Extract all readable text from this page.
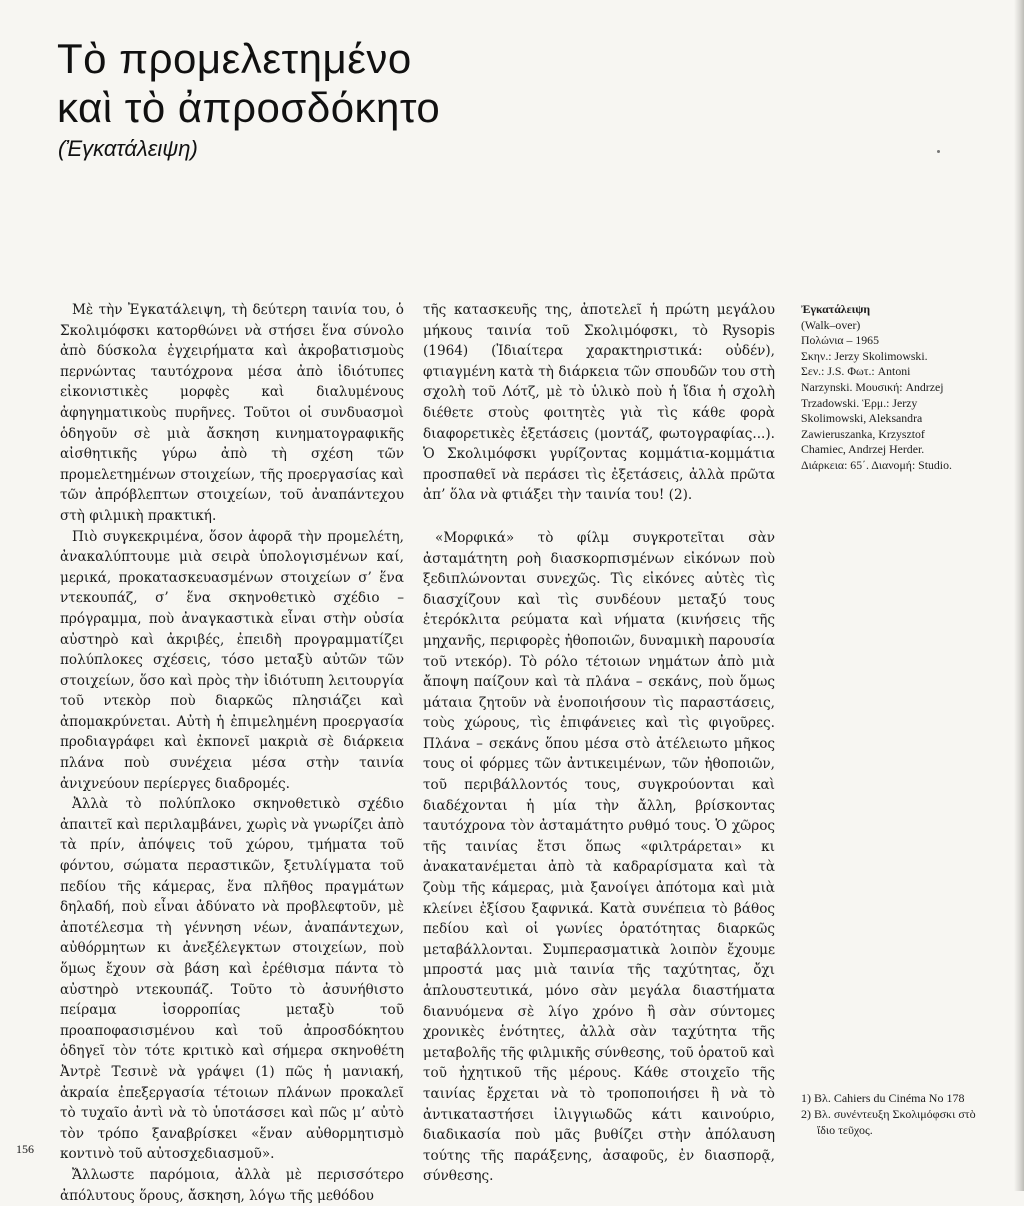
Τὸ προμελετημένο
καὶ τὸ ἀπροσδόκητο
(Ἐγκατάλειψη)

Μὲ τὴν Ἐγκατάλειψη, τὴ δεύτερη ταινία του, ὁ Σκολιμόφσκι κατορθώνει νὰ στήσει ἕνα σύνολο ἀπὸ δύσκολα ἐγχειρήματα καὶ ἀκροβατισμοὺς περνώντας ταυτόχρονα μέσα ἀπὸ ἰδιότυπες εἰκονιστικὲς μορφὲς καὶ διαλυμένους ἀφηγηματικοὺς πυρῆνες. Τοῦτοι οἱ συνδυασμοὶ ὁδηγοῦν σὲ μιὰ ἄσκηση κινηματογραφικῆς αἰσθητικῆς γύρω ἀπὸ τὴ σχέση τῶν προμελετημένων στοιχείων, τῆς προεργασίας καὶ τῶν ἀπρόβλεπτων στοιχείων, τοῦ ἀναπάντεχου στὴ φιλμικὴ πρακτική.

Πιὸ συγκεκριμένα, ὅσον ἀφορᾶ τὴν προμελέτη, ἀνακαλύπτουμε μιὰ σειρὰ ὑπολογισμένων καί, μερικά, προκατασκευασμένων στοιχείων σ’ ἕνα ντεκουπάζ, σ’ ἕνα σκηνοθετικὸ σχέδιο – πρόγραμμα, ποὺ ἀναγκαστικὰ εἶναι στὴν οὐσία αὐστηρὸ καὶ ἀκριβές, ἐπειδὴ προγραμματίζει πολύπλοκες σχέσεις, τόσο μεταξὺ αὐτῶν τῶν στοιχείων, ὅσο καὶ πρὸς τὴν ἰδιότυπη λειτουργία τοῦ ντεκὸρ ποὺ διαρκῶς πλησιάζει καὶ ἀπομακρύνεται. Αὐτὴ ἡ ἐπιμελημένη προεργασία προδιαγράφει καὶ ἐκπονεῖ μακριὰ σὲ διάρκεια πλάνα ποὺ συνέχεια μέσα στὴν ταινία ἀνιχνεύουν περίεργες διαδρομές.

Ἀλλὰ τὸ πολύπλοκο σκηνοθετικὸ σχέδιο ἀπαιτεῖ καὶ περιλαμβάνει, χωρὶς νὰ γνωρίζει ἀπὸ τὰ πρίν, ἀπόψεις τοῦ χώρου, τμήματα τοῦ φόντου, σώματα περαστικῶν, ξετυλίγματα τοῦ πεδίου τῆς κάμερας, ἕνα πλῆθος πραγμάτων δηλαδή, ποὺ εἶναι ἀδύνατο νὰ προβλεφτοῦν, μὲ ἀποτέλεσμα τὴ γέννηση νέων, ἀναπάντεχων, αὐθόρμητων κι ἀνεξέλεγκτων στοιχείων, ποὺ ὅμως ἔχουν σὰ βάση καὶ ἐρέθισμα πάντα τὸ αὐστηρὸ ντεκουπάζ. Τοῦτο τὸ ἀσυνήθιστο πείραμα ἰσορροπίας μεταξὺ τοῦ προαποφασισμένου καὶ τοῦ ἀπροσδόκητου ὁδηγεῖ τὸν τότε κριτικὸ καὶ σήμερα σκηνοθέτη Ἀντρὲ Τεσινὲ νὰ γράψει (1) πῶς ἡ μανιακή, ἀκραία ἐπεξεργασία τέτοιων πλάνων προκαλεῖ τὸ τυχαῖο ἀντὶ νὰ τὸ ὑποτάσσει καὶ πῶς μ’ αὐτὸ τὸν τρόπο ξαναβρίσκει «ἕναν αὐθορμητισμὸ κοντινὸ τοῦ αὐτοσχεδιασμοῦ».

Ἄλλωστε παρόμοια, ἀλλὰ μὲ περισσότερο ἀπόλυτους ὅρους, ἄσκηση, λόγω τῆς μεθόδου

τῆς κατασκευῆς της, ἀποτελεῖ ἡ πρώτη μεγάλου μήκους ταινία τοῦ Σκολιμόφσκι, τὸ Rysopis (1964) (Ἰδιαίτερα χαρακτηριστικά: οὐδέν), φτιαγμένη κατὰ τὴ διάρκεια τῶν σπουδῶν του στὴ σχολὴ τοῦ Λότζ, μὲ τὸ ὑλικὸ ποὺ ἡ ἴδια ἡ σχολὴ διέθετε στοὺς φοιτητὲς γιὰ τὶς κάθε φορὰ διαφορετικὲς ἐξετάσεις (μοντάζ, φωτογραφίας...). Ὁ Σκολιμόφσκι γυρίζοντας κομμάτια-κομμάτια προσπαθεῖ νὰ περάσει τὶς ἐξετάσεις, ἀλλὰ πρῶτα ἀπ’ ὅλα νὰ φτιάξει τὴν ταινία του! (2).

«Μορφικά» τὸ φίλμ συγκροτεῖται σὰν ἀσταμάτητη ροὴ διασκορπισμένων εἰκόνων ποὺ ξεδιπλώνονται συνεχῶς. Τὶς εἰκόνες αὐτὲς τὶς διασχίζουν καὶ τὶς συνδέουν μεταξύ τους ἑτερόκλιτα ρεύματα καὶ νήματα (κινήσεις τῆς μηχανῆς, περιφορὲς ἠθοποιῶν, δυναμικὴ παρουσία τοῦ ντεκόρ). Τὸ ρόλο τέτοιων νημάτων ἀπὸ μιὰ ἄποψη παίζουν καὶ τὰ πλάνα – σεκάνς, ποὺ ὅμως μάταια ζητοῦν νὰ ἑνοποιήσουν τὶς παραστάσεις, τοὺς χώρους, τὶς ἐπιφάνειες καὶ τὶς φιγοῦρες. Πλάνα – σεκάνς ὅπου μέσα στὸ ἀτέλειωτο μῆκος τους οἱ φόρμες τῶν ἀντικειμένων, τῶν ἠθοποιῶν, τοῦ περιβάλλοντός τους, συγκρούονται καὶ διαδέχονται ἡ μία τὴν ἄλλη, βρίσκοντας ταυτόχρονα τὸν ἀσταμάτητο ρυθμό τους. Ὁ χῶρος τῆς ταινίας ἔτσι ὅπως «φιλτράρεται» κι ἀνακατανέμεται ἀπὸ τὰ καδραρίσματα καὶ τὰ ζοὺμ τῆς κάμερας, μιὰ ξανοίγει ἀπότομα καὶ μιὰ κλείνει ἐξίσου ξαφνικά. Κατὰ συνέπεια τὸ βάθος πεδίου καὶ οἱ γωνίες ὁρατότητας διαρκῶς μεταβάλλονται. Συμπερασματικὰ λοιπὸν ἔχουμε μπροστά μας μιὰ ταινία τῆς ταχύτητας, ὄχι ἁπλουστευτικά, μόνο σὰν μεγάλα διαστήματα διανυόμενα σὲ λίγο χρόνο ἢ σὰν σύντομες χρονικὲς ἑνότητες, ἀλλὰ σὰν ταχύτητα τῆς μεταβολῆς τῆς φιλμικῆς σύνθεσης, τοῦ ὁρατοῦ καὶ τοῦ ἠχητικοῦ τῆς μέρους. Κάθε στοιχεῖο τῆς ταινίας ἔρχεται νὰ τὸ τροποποιήσει ἢ νὰ τὸ ἀντικαταστήσει ἰλιγγιωδῶς κάτι καινούριο, διαδικασία ποὺ μᾶς βυθίζει στὴν ἀπόλαυση τούτης τῆς παράξενης, ἀσαφοῦς, ἐν διασπορᾷ, σύνθεσης.

Ἐγκατάλειψη
(Walk–over)
Πολώνια – 1965
Σκην.: Jerzy Skolimowski.
Σεν.: J.S. Φωτ.: Antoni Narzynski. Μουσική: Andrzej Trzadowski. Ἑρμ.: Jerzy Skolimowski, Aleksandra Zawieruszanka, Krzysztof Chamiec, Andrzej Herder. Διάρκεια: 65΄. Διανομή: Studio.
1) Βλ. Cahiers du Cinéma No 178
2) Βλ. συνέντευξη Σκολιμόφσκι στὸ ἴδιο τεῦχος.
156
